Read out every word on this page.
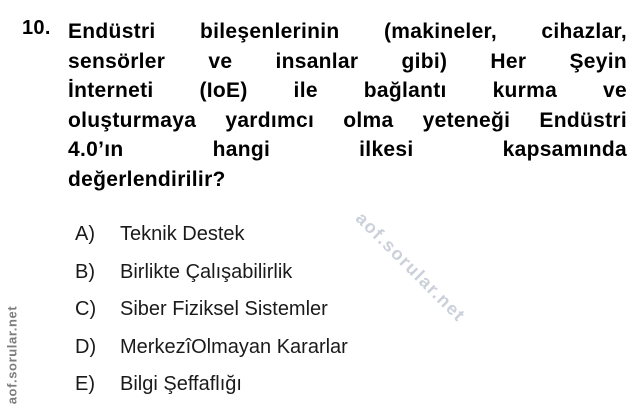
aof.sorular.net
aof.sorular.net
10. Endüstri bileşenlerinin (makineler, cihazlar,
sensörler ve insanlar gibi) Her Şeyin
İnterneti (IoE) ile bağlantı kurma ve
oluşturmaya yardımcı olma yeteneği Endüstri
4.0’ın hangi ilkesi kapsamında
değerlendirilir?
A)	Teknik Destek
B)	Birlikte Çalışabilirlik
C)	Siber Fiziksel Sistemler
D)	MerkezîOlmayan Kararlar
E)	Bilgi Şeffaflığı
